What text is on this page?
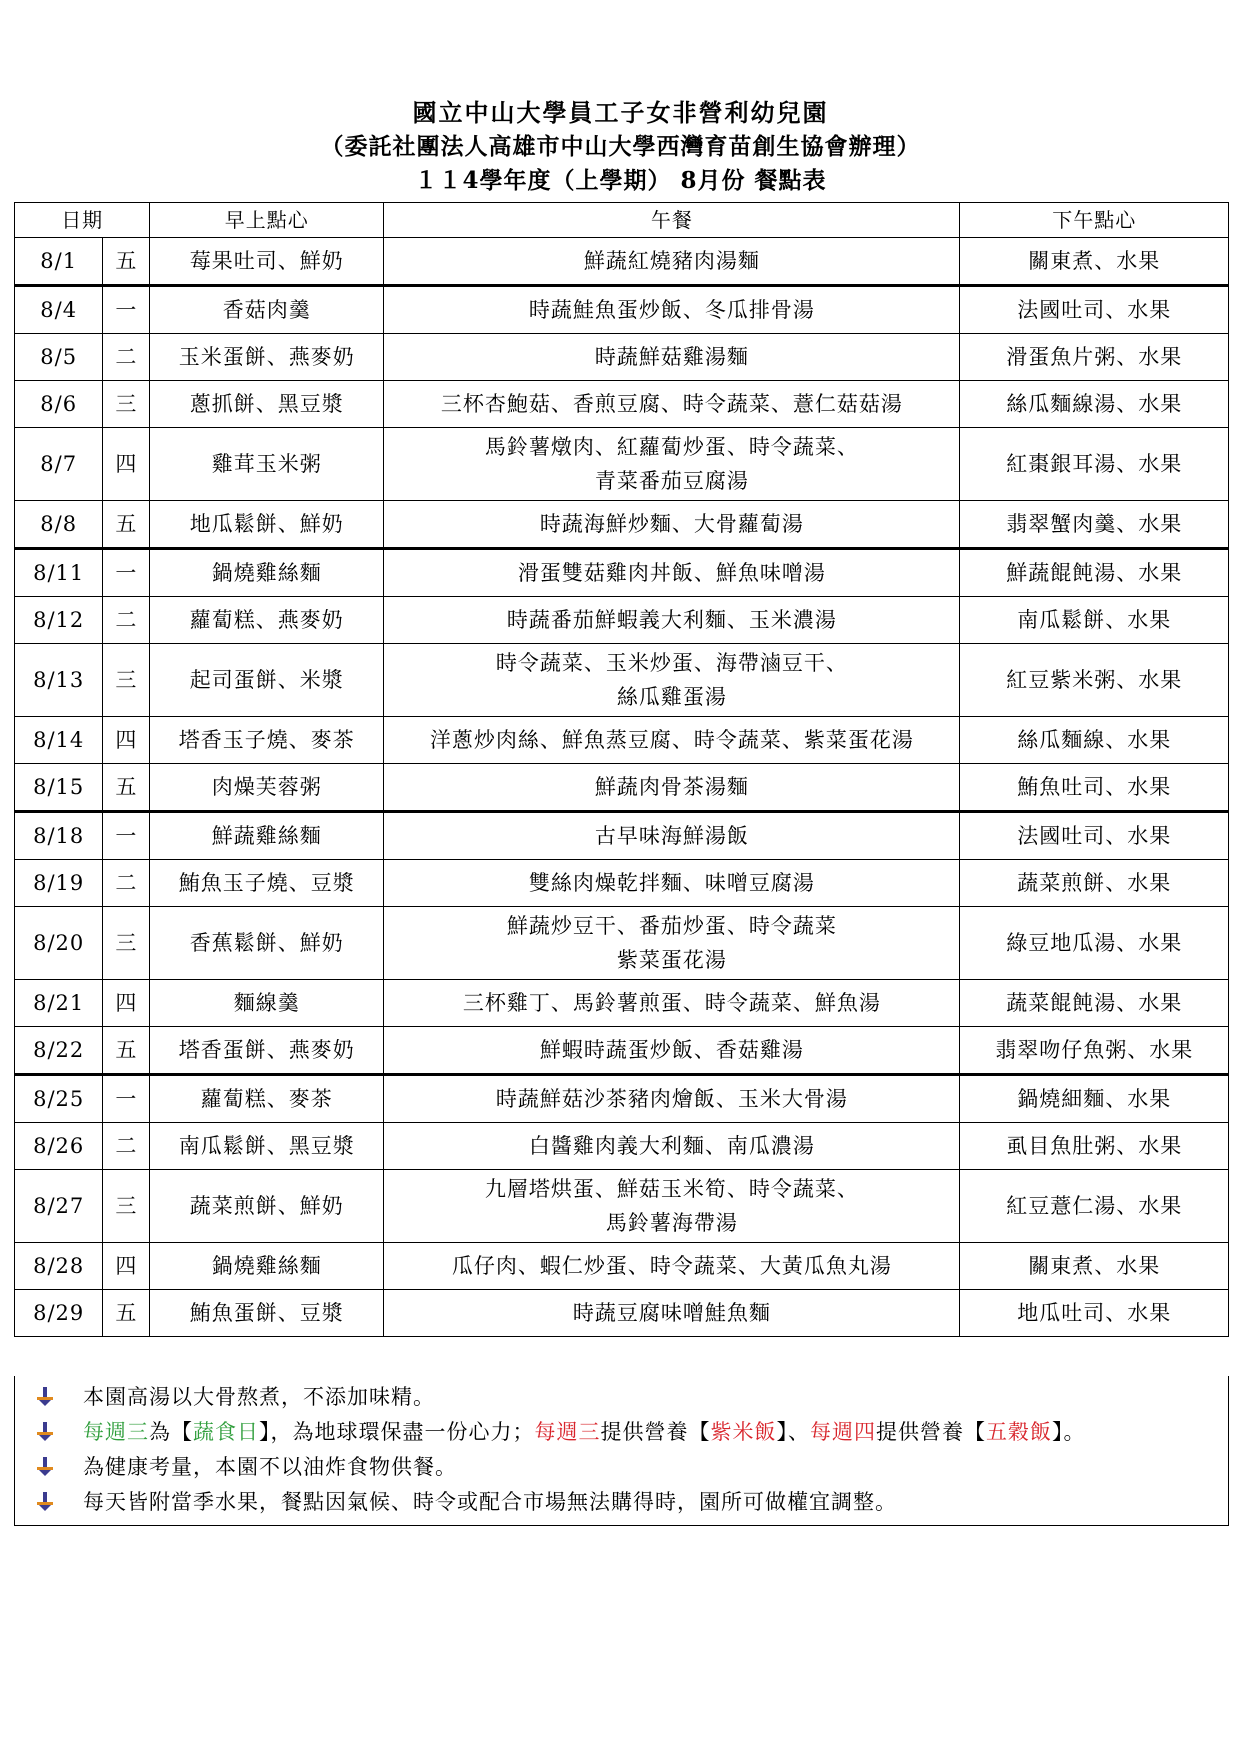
國立中山大學員工子女非營利幼兒園
（委託社團法人高雄市中山大學西灣育苗創生協會辦理）
１１4學年度（上學期） 8月份 餐點表
日期		早上點心	午餐	下午點心
8/1	五	莓果吐司、鮮奶	鮮蔬紅燒豬肉湯麵	關東煮、水果
8/4	一	香菇肉羹	時蔬鮭魚蛋炒飯、冬瓜排骨湯	法國吐司、水果
8/5	二	玉米蛋餅、燕麥奶	時蔬鮮菇雞湯麵	滑蛋魚片粥、水果
8/6	三	蔥抓餅、黑豆漿	三杯杏鮑菇、香煎豆腐、時令蔬菜、薏仁菇菇湯	絲瓜麵線湯、水果
8/7	四	雞茸玉米粥	馬鈴薯燉肉、紅蘿蔔炒蛋、時令蔬菜、
青菜番茄豆腐湯	紅棗銀耳湯、水果
8/8	五	地瓜鬆餅、鮮奶	時蔬海鮮炒麵、大骨蘿蔔湯	翡翠蟹肉羹、水果
8/11	一	鍋燒雞絲麵	滑蛋雙菇雞肉丼飯、鮮魚味噌湯	鮮蔬餛飩湯、水果
8/12	二	蘿蔔糕、燕麥奶	時蔬番茄鮮蝦義大利麵、玉米濃湯	南瓜鬆餅、水果
8/13	三	起司蛋餅、米漿	時令蔬菜、玉米炒蛋、海帶滷豆干、
絲瓜雞蛋湯	紅豆紫米粥、水果
8/14	四	塔香玉子燒、麥茶	洋蔥炒肉絲、鮮魚蒸豆腐、時令蔬菜、紫菜蛋花湯	絲瓜麵線、水果
8/15	五	肉燥芙蓉粥	鮮蔬肉骨茶湯麵	鮪魚吐司、水果
8/18	一	鮮蔬雞絲麵	古早味海鮮湯飯	法國吐司、水果
8/19	二	鮪魚玉子燒、豆漿	雙絲肉燥乾拌麵、味噌豆腐湯	蔬菜煎餅、水果
8/20	三	香蕉鬆餅、鮮奶	鮮蔬炒豆干、番茄炒蛋、時令蔬菜
紫菜蛋花湯	綠豆地瓜湯、水果
8/21	四	麵線羹	三杯雞丁、馬鈴薯煎蛋、時令蔬菜、鮮魚湯	蔬菜餛飩湯、水果
8/22	五	塔香蛋餅、燕麥奶	鮮蝦時蔬蛋炒飯、香菇雞湯	翡翠吻仔魚粥、水果
8/25	一	蘿蔔糕、麥茶	時蔬鮮菇沙茶豬肉燴飯、玉米大骨湯	鍋燒細麵、水果
8/26	二	南瓜鬆餅、黑豆漿	白醬雞肉義大利麵、南瓜濃湯	虱目魚肚粥、水果
8/27	三	蔬菜煎餅、鮮奶	九層塔烘蛋、鮮菇玉米筍、時令蔬菜、
馬鈴薯海帶湯	紅豆薏仁湯、水果
8/28	四	鍋燒雞絲麵	瓜仔肉、蝦仁炒蛋、時令蔬菜、大黃瓜魚丸湯	關東煮、水果
8/29	五	鮪魚蛋餅、豆漿	時蔬豆腐味噌鮭魚麵	地瓜吐司、水果
本園高湯以大骨熬煮，不添加味精。
每週三為【蔬食日】，為地球環保盡一份心力；每週三提供營養【紫米飯】、每週四提供營養【五穀飯】。
為健康考量，本園不以油炸食物供餐。
每天皆附當季水果，餐點因氣候、時令或配合市場無法購得時，園所可做權宜調整。
